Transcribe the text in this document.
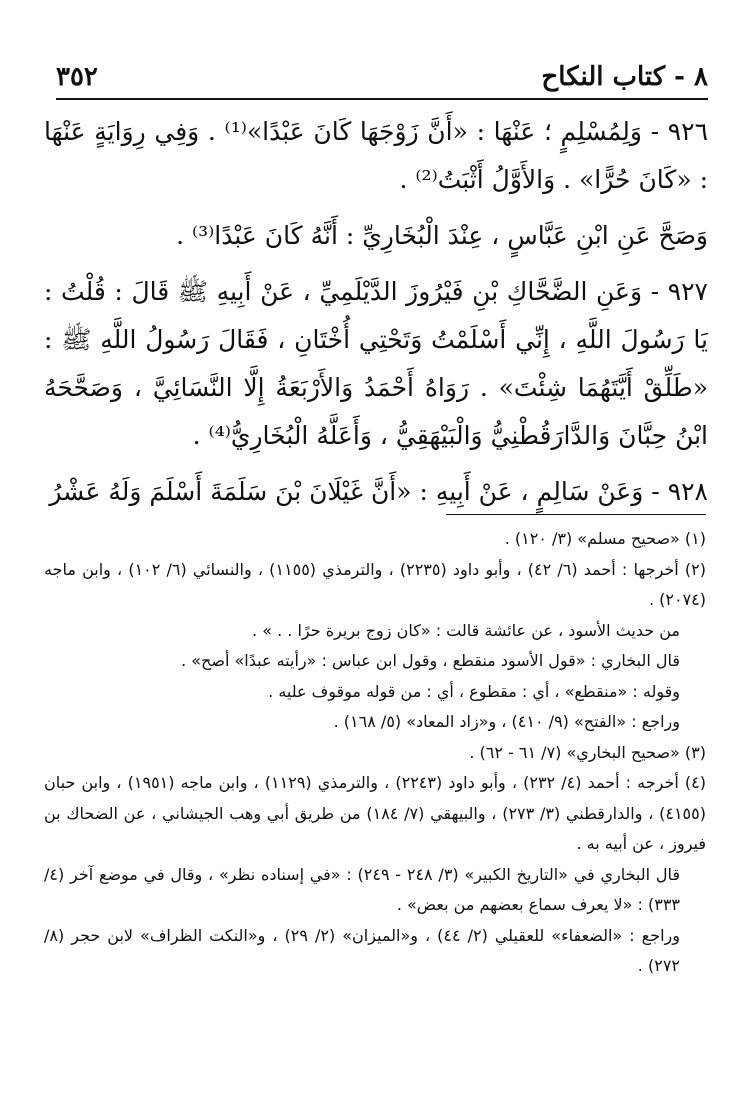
٨ - كتاب النكاح
٣٥٢

٩٢٦ - وَلِمُسْلِمٍ ؛ عَنْهَا : «أَنَّ زَوْجَهَا كَانَ عَبْدًا»⁽¹⁾ . وَفِي رِوَايَةٍ عَنْهَا : «كَانَ حُرًّا» . وَالأَوَّلُ أَثْبَتُ⁽²⁾ .

وَصَحَّ عَنِ ابْنِ عَبَّاسٍ ، عِنْدَ الْبُخَارِيِّ : أَنَّهُ كَانَ عَبْدًا⁽³⁾ .

٩٢٧ - وَعَنِ الضَّحَّاكِ بْنِ فَيْرُوزَ الدَّيْلَمِيِّ ، عَنْ أَبِيهِ ﷺ قَالَ : قُلْتُ : يَا رَسُولَ اللَّهِ ، إِنِّي أَسْلَمْتُ وَتَحْتِي أُخْتَانِ ، فَقَالَ رَسُولُ اللَّهِ ﷺ : «طَلِّقْ أَيَّتَهُمَا شِئْتَ» . رَوَاهُ أَحْمَدُ وَالأَرْبَعَةُ إِلَّا النَّسَائِيَّ ، وَصَحَّحَهُ ابْنُ حِبَّانَ وَالدَّارَقُطْنِيُّ وَالْبَيْهَقِيُّ ، وَأَعَلَّهُ الْبُخَارِيُّ⁽⁴⁾ .

٩٢٨ - وَعَنْ سَالِمٍ ، عَنْ أَبِيهِ : «أَنَّ غَيْلَانَ بْنَ سَلَمَةَ أَسْلَمَ وَلَهُ عَشْرُ

(١) «صحيح مسلم» (٣/ ١٢٠) .

(٢) أخرجها : أحمد (٦/ ٤٢) ، وأبو داود (٢٢٣٥) ، والترمذي (١١٥٥) ، والنسائي (٦/ ١٠٢) ، وابن ماجه (٢٠٧٤) .

من حديث الأسود ، عن عائشة قالت : «كان زوج بريرة حرًا . . » .

قال البخاري : «قول الأسود منقطع ، وقول ابن عباس : «رأيته عبدًا» أصح» .

وقوله : «منقطع» ، أي : مقطوع ، أي : من قوله موقوف عليه .

وراجع : «الفتح» (٩/ ٤١٠) ، و«زاد المعاد» (٥/ ١٦٨) .

(٣) «صحيح البخاري» (٧/ ٦١ - ٦٢) .

(٤) أخرجه : أحمد (٤/ ٢٣٢) ، وأبو داود (٢٢٤٣) ، والترمذي (١١٢٩) ، وابن ماجه (١٩٥١) ، وابن حبان (٤١٥٥) ، والدارقطني (٣/ ٢٧٣) ، والبيهقي (٧/ ١٨٤) من طريق أبي وهب الجيشاني ، عن الضحاك بن فيروز ، عن أبيه به .

قال البخاري في «التاريخ الكبير» (٣/ ٢٤٨ - ٢٤٩) : «في إسناده نظر» ، وقال في موضع آخر (٤/ ٣٣٣) : «لا يعرف سماع بعضهم من بعض» .

وراجع : «الضعفاء» للعقيلي (٢/ ٤٤) ، و«الميزان» (٢/ ٢٩) ، و«النكت الظراف» لابن حجر (٨/ ٢٧٢) .
